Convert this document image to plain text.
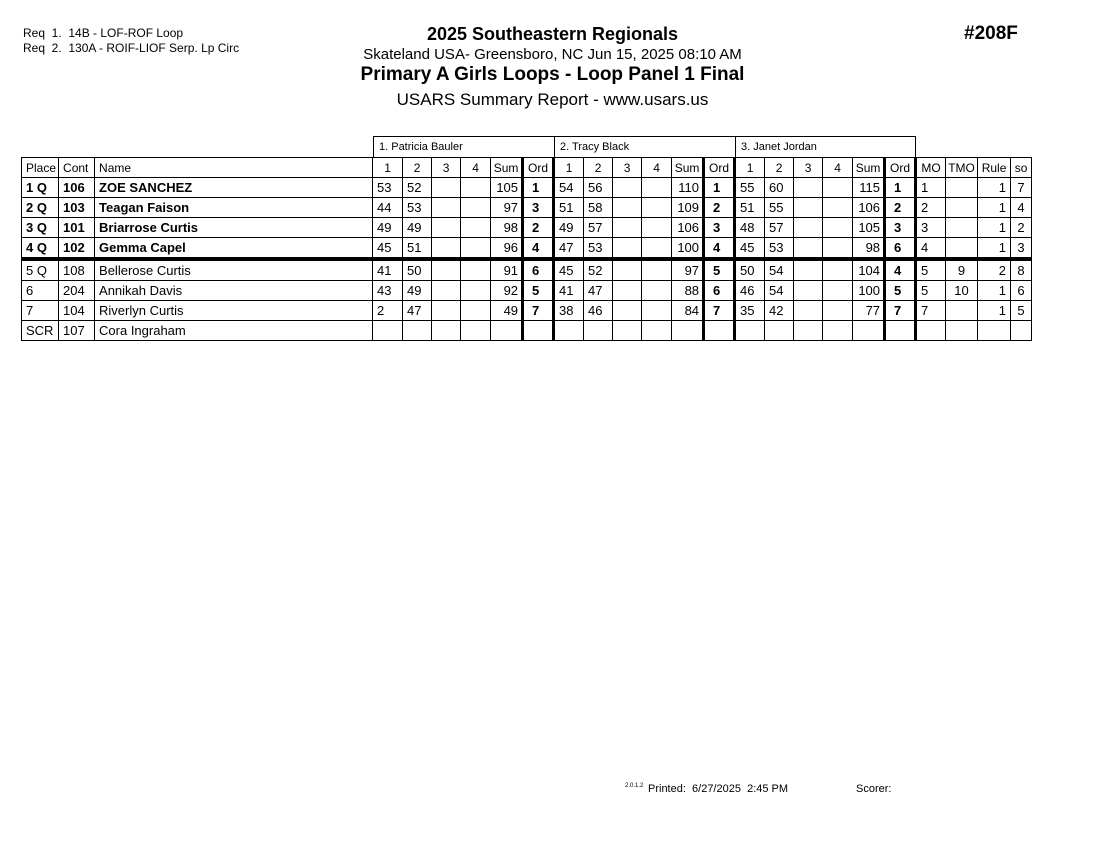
Req  1.  14B - LOF-ROF Loop
Req  2.  130A - ROIF-LIOF Serp. Lp Circ
#208F
2025 Southeastern Regionals
Skateland USA- Greensboro, NC Jun 15, 2025 08:10 AM
Primary A Girls Loops - Loop Panel 1 Final
USARS Summary Report - www.usars.us
1. Patricia Bauler	2. Tracy Black	3. Janet Jordan
Place	Cont	Name	1	2	3	4	Sum	Ord	1	2	3	4	Sum	Ord	1	2	3	4	Sum	Ord	MO	TMO	Rule	so
1 Q	106	ZOE SANCHEZ	53	52			105	1	54	56			110	1	55	60			115	1	1		1	7
2 Q	103	Teagan Faison	44	53			97	3	51	58			109	2	51	55			106	2	2		1	4
3 Q	101	Briarrose Curtis	49	49			98	2	49	57			106	3	48	57			105	3	3		1	2
4 Q	102	Gemma Capel	45	51			96	4	47	53			100	4	45	53			98	6	4		1	3
5 Q	108	Bellerose Curtis	41	50			91	6	45	52			97	5	50	54			104	4	5	9	2	8
6	204	Annikah Davis	43	49			92	5	41	47			88	6	46	54			100	5	5	10	1	6
7	104	Riverlyn Curtis	2	47			49	7	38	46			84	7	35	42			77	7	7		1	5
SCR	107	Cora Ingraham																						
2.0.1.2 Printed:  6/27/2025  2:45 PM	Scorer:
